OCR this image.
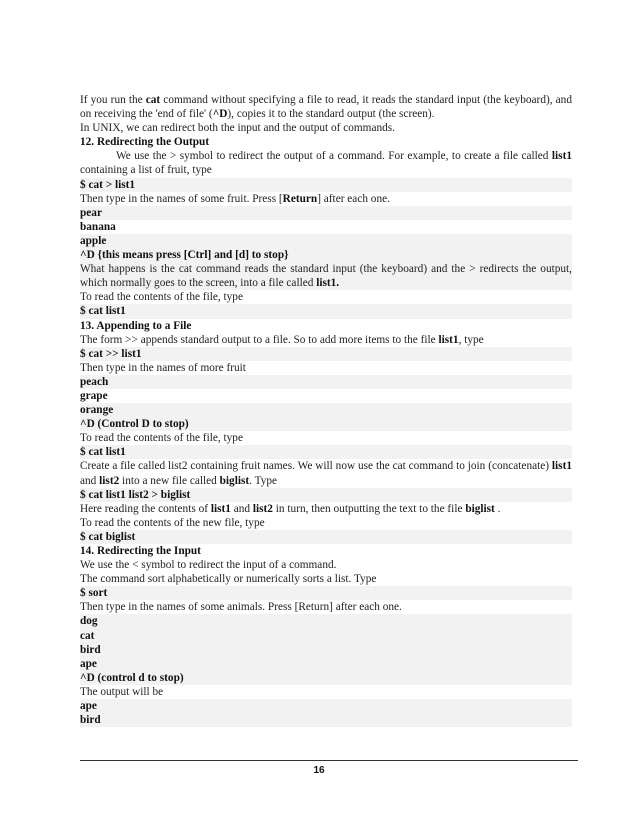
If you run the cat command without specifying a file to read, it reads the standard input (the keyboard), and on receiving the 'end of file' (^D), copies it to the standard output (the screen).
In UNIX, we can redirect both the input and the output of commands.
12. Redirecting the Output
We use the > symbol to redirect the output of a command. For example, to create a file called list1 containing a list of fruit, type
$ cat > list1
Then type in the names of some fruit. Press [Return] after each one.
pear
banana
apple
^D {this means press [Ctrl] and [d] to stop}
What happens is the cat command reads the standard input (the keyboard) and the > redirects the output, which normally goes to the screen, into a file called list1.
To read the contents of the file, type
$ cat list1
13. Appending to a File
The form >> appends standard output to a file. So to add more items to the file list1, type
$ cat >> list1
Then type in the names of more fruit
peach
grape
orange
^D (Control D to stop)
To read the contents of the file, type
$ cat list1
Create a file called list2 containing fruit names. We will now use the cat command to join (concatenate) list1 and list2 into a new file called biglist. Type
$ cat list1 list2 > biglist
Here reading the contents of list1 and list2 in turn, then outputting the text to the file biglist .
To read the contents of the new file, type
$ cat biglist
14. Redirecting the Input
We use the < symbol to redirect the input of a command.
The command sort alphabetically or numerically sorts a list. Type
$ sort
Then type in the names of some animals. Press [Return] after each one.
dog
cat
bird
ape
^D (control d to stop)
The output will be
ape
bird
16
